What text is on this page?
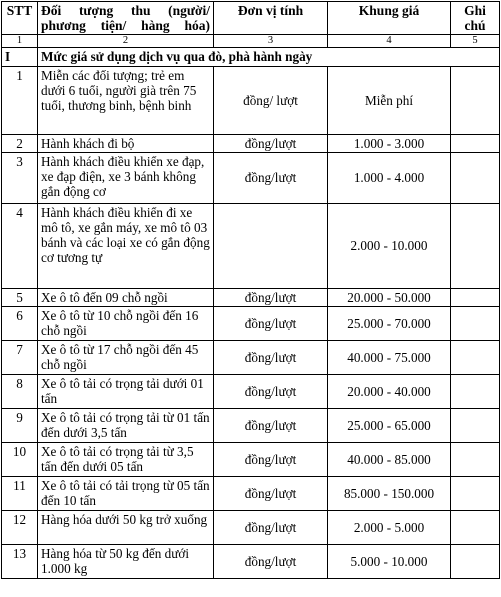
STT	Đối tượng thu (người/ phương tiện/ hàng hóa)	Đơn vị tính	Khung giá	Ghi chú
1	2	3	4	5
I	Mức giá sử dụng dịch vụ qua đò, phà hành ngày			
1	Miễn các đối tượng; trẻ em dưới 6 tuổi, người già trên 75 tuổi, thương binh, bệnh binh	đồng/ lượt	Miễn phí	
2	Hành khách đi bộ	đồng/lượt	1.000 - 3.000	
3	Hành khách điều khiển xe đạp, xe đạp điện, xe 3 bánh không gắn động cơ	đồng/lượt	1.000 - 4.000	
4	Hành khách điều khiển đi xe mô tô, xe gắn máy, xe mô tô 03 bánh và các loại xe có gắn động cơ tương tự		2.000 - 10.000	
5	Xe ô tô đến 09 chỗ ngồi	đồng/lượt	20.000 - 50.000	
6	Xe ô tô từ 10 chỗ ngồi đến 16 chỗ ngồi	đồng/lượt	25.000 - 70.000	
7	Xe ô tô từ 17 chỗ ngồi đến 45 chỗ ngồi	đồng/lượt	40.000 - 75.000	
8	Xe ô tô tải có trọng tải dưới 01 tấn	đồng/lượt	20.000 - 40.000	
9	Xe ô tô tải có trọng tải từ 01 tấn đến dưới 3,5 tấn	đồng/lượt	25.000 - 65.000	
10	Xe ô tô tải có trọng tải từ 3,5 tấn đến dưới 05 tấn	đồng/lượt	40.000 - 85.000	
11	Xe ô tô tải có tải trọng từ 05 tấn đến 10 tấn	đồng/lượt	85.000 - 150.000	
12	Hàng hóa dưới 50 kg trở xuống	đồng/lượt	2.000 - 5.000	
13	Hàng hóa từ 50 kg đến dưới 1.000 kg	đồng/lượt	5.000 - 10.000	
